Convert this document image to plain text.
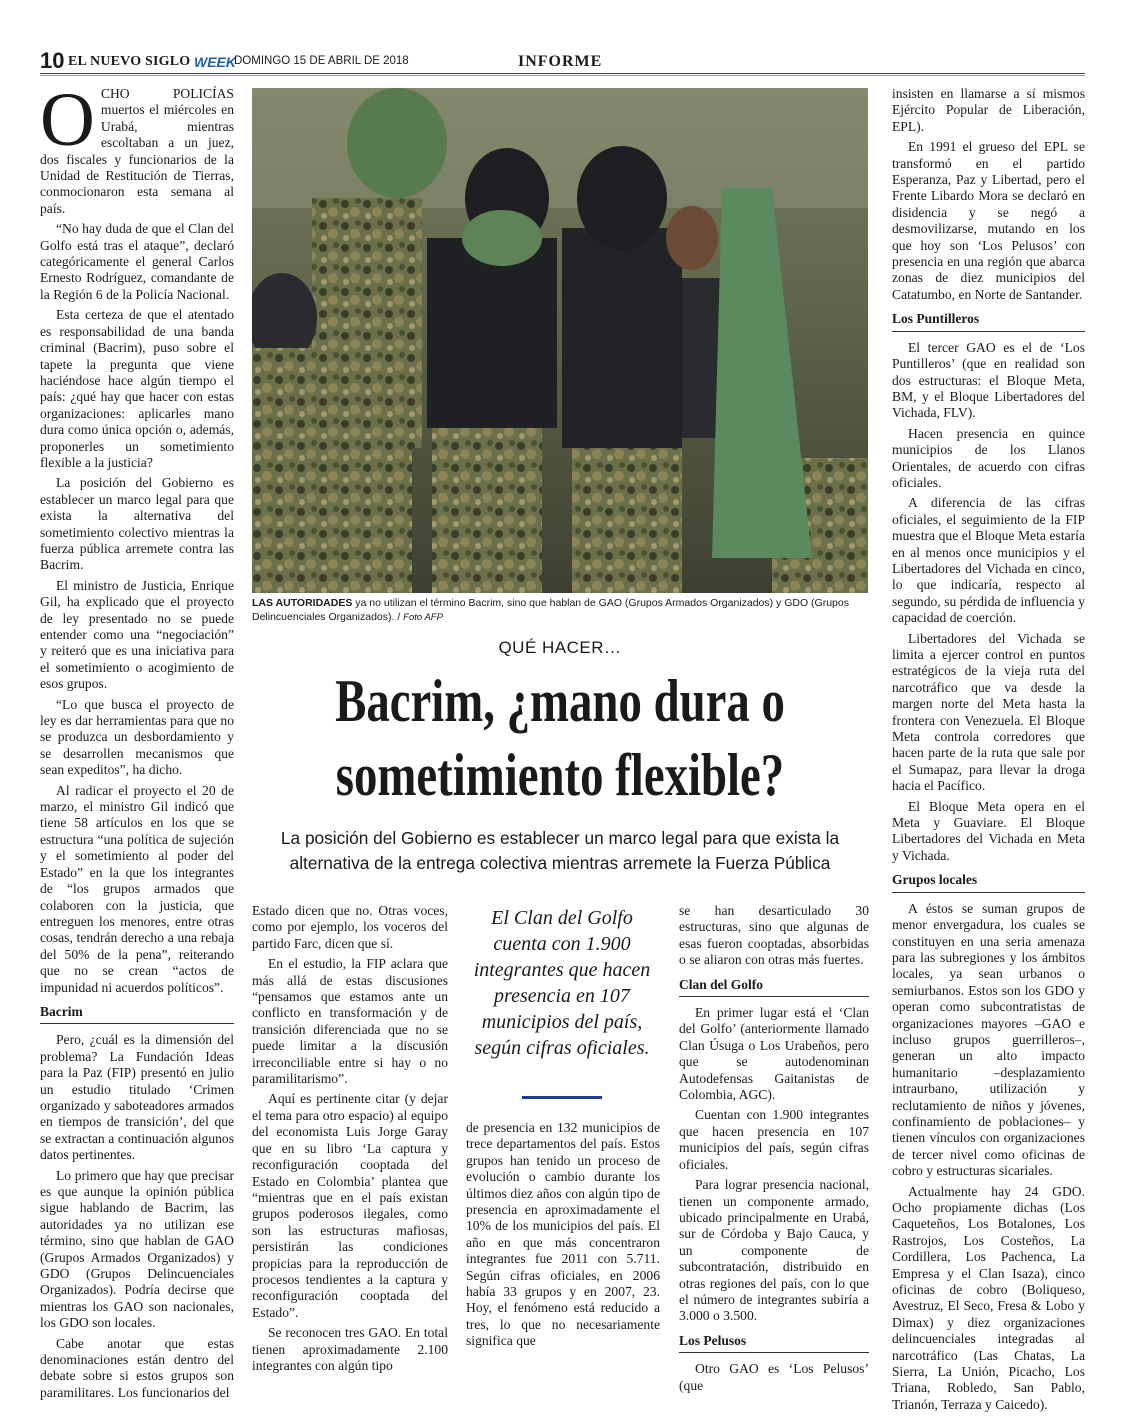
10 EL NUEVO SIGLO WEEK
DOMINGO 15 DE ABRIL DE 2018	INFORME

OCHO POLICÍAS muertos el miércoles en Urabá, mientras escoltaban a un juez, dos fiscales y funcionarios de la Unidad de Restitución de Tierras, conmocionaron esta semana al país.

“No hay duda de que el Clan del Golfo está tras el ataque”, declaró categóricamente el general Carlos Ernesto Rodríguez, comandante de la Región 6 de la Policía Nacional.

Esta certeza de que el atentado es responsabilidad de una banda criminal (Bacrim), puso sobre el tapete la pregunta que viene haciéndose hace algún tiempo el país: ¿qué hay que hacer con estas organizaciones: aplicarles mano dura como única opción o, además, proponerles un sometimiento flexible a la justicia?

La posición del Gobierno es establecer un marco legal para que exista la alternativa del sometimiento colectivo mientras la fuerza pública arremete contra las Bacrim.

El ministro de Justicia, Enrique Gil, ha explicado que el proyecto de ley presentado no se puede entender como una “negociación” y reiteró que es una iniciativa para el sometimiento o acogimiento de esos grupos.

“Lo que busca el proyecto de ley es dar herramientas para que no se produzca un desbordamiento y se desarrollen mecanismos que sean expeditos”, ha dicho.

Al radicar el proyecto el 20 de marzo, el ministro Gil indicó que tiene 58 artículos en los que se estructura “una política de sujeción y el sometimiento al poder del Estado” en la que los integrantes de “los grupos armados que colaboren con la justicia, que entreguen los menores, entre otras cosas, tendrán derecho a una rebaja del 50% de la pena”, reiterando que no se crean “actos de impunidad ni acuerdos políticos”.

Bacrim

Pero, ¿cuál es la dimensión del problema? La Fundación Ideas para la Paz (FIP) presentó en julio un estudio titulado ‘Crimen organizado y saboteadores armados en tiempos de transición’, del que se extractan a continuación algunos datos pertinentes.

Lo primero que hay que precisar es que aunque la opinión pública sigue hablando de Bacrim, las autoridades ya no utilizan ese término, sino que hablan de GAO (Grupos Armados Organizados) y GDO (Grupos Delincuenciales Organizados). Podría decirse que mientras los GAO son nacionales, los GDO son locales.

Cabe anotar que estas denominaciones están dentro del debate sobre si estos grupos son paramilitares. Los funcionarios del

LAS AUTORIDADES ya no utilizan el término Bacrim, sino que hablan de GAO (Grupos Armados Organizados) y GDO (Grupos Delincuenciales Organizados). / Foto AFP
QUÉ HACER…
Bacrim, ¿mano dura o
sometimiento flexible?
La posición del Gobierno es establecer un marco legal para que exista la
alternativa de la entrega colectiva mientras arremete la Fuerza Pública

Estado dicen que no. Otras voces, como por ejemplo, los voceros del partido Farc, dicen que sí.

En el estudio, la FIP aclara que más allá de estas discusiones “pensamos que estamos ante un conflicto en transformación y de transición diferenciada que no se puede limitar a la discusión irreconciliable entre si hay o no paramilitarismo”.

Aquí es pertinente citar (y dejar el tema para otro espacio) al equipo del economista Luis Jorge Garay que en su libro ‘La captura y reconfiguración cooptada del Estado en Colombia’ plantea que “mientras que en el país existan grupos poderosos ilegales, como son las estructuras mafiosas, persistirán las condiciones propicias para la reproducción de procesos tendientes a la captura y reconfiguración cooptada del Estado”.

Se reconocen tres GAO. En total tienen aproximadamente 2.100 integrantes con algún tipo

El Clan del Golfo cuenta con 1.900 integrantes que hacen presencia en 107 municipios del país, según cifras oficiales.

de presencia en 132 municipios de trece departamentos del país. Estos grupos han tenido un proceso de evolución o cambio durante los últimos diez años con algún tipo de presencia en aproximadamente el 10% de los municipios del país. El año en que más concentraron integrantes fue 2011 con 5.711. Según cifras oficiales, en 2006 había 33 grupos y en 2007, 23. Hoy, el fenómeno está reducido a tres, lo que no necesariamente significa que

se han desarticulado 30 estructuras, sino que algunas de esas fueron cooptadas, absorbidas o se aliaron con otras más fuertes.

Clan del Golfo

En primer lugar está el ‘Clan del Golfo’ (anteriormente llamado Clan Úsuga o Los Urabeños, pero que se autodenominan Autodefensas Gaitanistas de Colombia, AGC).

Cuentan con 1.900 integrantes que hacen presencia en 107 municipios del país, según cifras oficiales.

Para lograr presencia nacional, tienen un componente armado, ubicado principalmente en Urabá, sur de Córdoba y Bajo Cauca, y un componente de subcontratación, distribuido en otras regiones del país, con lo que el número de integrantes subiría a 3.000 o 3.500.

Los Pelusos

Otro GAO es ‘Los Pelusos’ (que

insisten en llamarse a sí mismos Ejército Popular de Liberación, EPL).

En 1991 el grueso del EPL se transformó en el partido Esperanza, Paz y Libertad, pero el Frente Libardo Mora se declaró en disidencia y se negó a desmovilizarse, mutando en los que hoy son ‘Los Pelusos’ con presencia en una región que abarca zonas de diez municipios del Catatumbo, en Norte de Santander.

Los Puntilleros

El tercer GAO es el de ‘Los Puntilleros’ (que en realidad son dos estructuras: el Bloque Meta, BM, y el Bloque Libertadores del Vichada, FLV).

Hacen presencia en quince municipios de los Llanos Orientales, de acuerdo con cifras oficiales.

A diferencia de las cifras oficiales, el seguimiento de la FIP muestra que el Bloque Meta estaría en al menos once municipios y el Libertadores del Vichada en cinco, lo que indicaría, respecto al segundo, su pérdida de influencia y capacidad de coerción.

Libertadores del Vichada se limita a ejercer control en puntos estratégicos de la vieja ruta del narcotráfico que va desde la margen norte del Meta hasta la frontera con Venezuela. El Bloque Meta controla corredores que hacen parte de la ruta que sale por el Sumapaz, para llevar la droga hacia el Pacífico.

El Bloque Meta opera en el Meta y Guaviare. El Bloque Libertadores del Vichada en Meta y Vichada.

Grupos locales

A éstos se suman grupos de menor envergadura, los cuales se constituyen en una seria amenaza para las subregiones y los ámbitos locales, ya sean urbanos o semiurbanos. Estos son los GDO y operan como subcontratistas de organizaciones mayores –GAO e incluso grupos guerrilleros–, generan un alto impacto humanitario –desplazamiento intraurbano, utilización y reclutamiento de niños y jóvenes, confinamiento de poblaciones– y tienen vínculos con organizaciones de tercer nivel como oficinas de cobro y estructuras sicariales.

Actualmente hay 24 GDO. Ocho propiamente dichas (Los Caqueteños, Los Botalones, Los Rastrojos, Los Costeños, La Cordillera, Los Pachenca, La Empresa y el Clan Isaza), cinco oficinas de cobro (Boliqueso, Avestruz, El Seco, Fresa & Lobo y Dimax) y diez organizaciones delincuenciales integradas al narcotráfico (Las Chatas, La Sierra, La Unión, Picacho, Los Triana, Robledo, San Pablo, Trianón, Terraza y Caicedo).
